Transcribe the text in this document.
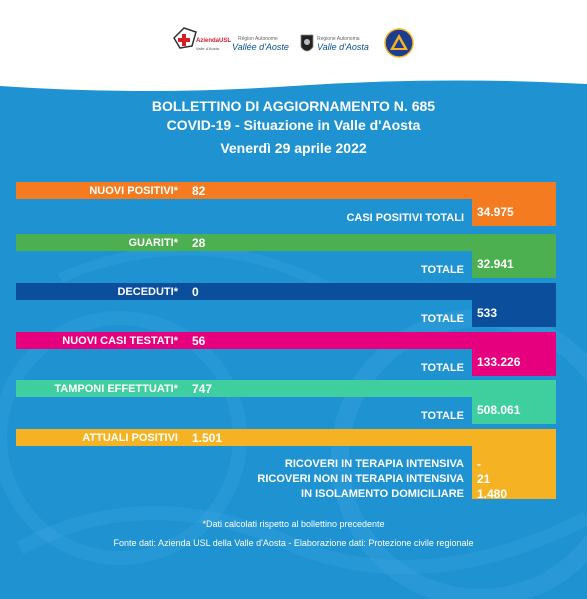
AziendaUSL
Valle d'Aosta
Région Autonome
Vallée d'Aoste
Regione Autonoma
Valle d'Aosta
BOLLETTINO DI AGGIORNAMENTO N. 685
COVID-19 - Situazione in Valle d'Aosta
Venerdì 29 aprile 2022
NUOVI POSITIVI* 82
CASI POSITIVI TOTALI 34.975
GUARITI* 28
TOTALE 32.941
DECEDUTI* 0
TOTALE 533
NUOVI CASI TESTATI* 56
TOTALE 133.226
TAMPONI EFFETTUATI* 747
TOTALE 508.061
ATTUALI POSITIVI 1.501
RICOVERI IN TERAPIA INTENSIVA -
RICOVERI NON IN TERAPIA INTENSIVA 21
IN ISOLAMENTO DOMICILIARE 1.480
*Dati calcolati rispetto al bollettino precedente
Fonte dati: Azienda USL della Valle d'Aosta - Elaborazione dati: Protezione civile regionale
